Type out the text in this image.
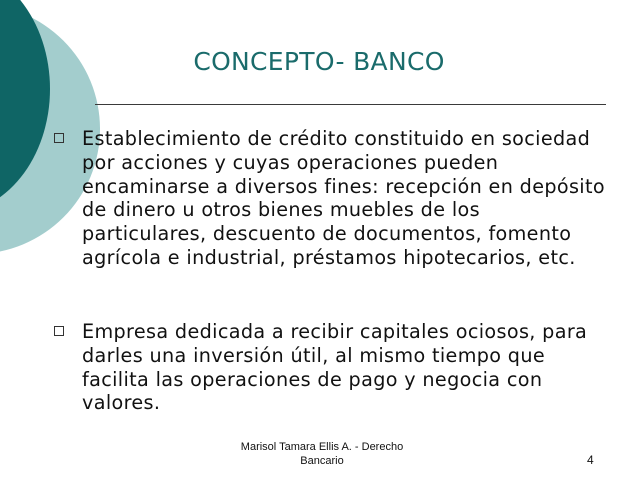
CONCEPTO- BANCO
Establecimiento de crédito constituido en sociedad por acciones y cuyas operaciones pueden encaminarse a diversos fines: recepción en depósito de dinero u otros bienes muebles de los particulares, descuento de documentos, fomento agrícola e industrial, préstamos hipotecarios, etc.
Empresa dedicada a recibir capitales ociosos, para darles una inversión útil, al mismo tiempo que facilita las operaciones de pago y negocia con valores.
Marisol Tamara Ellis A. - Derecho Bancario	4
